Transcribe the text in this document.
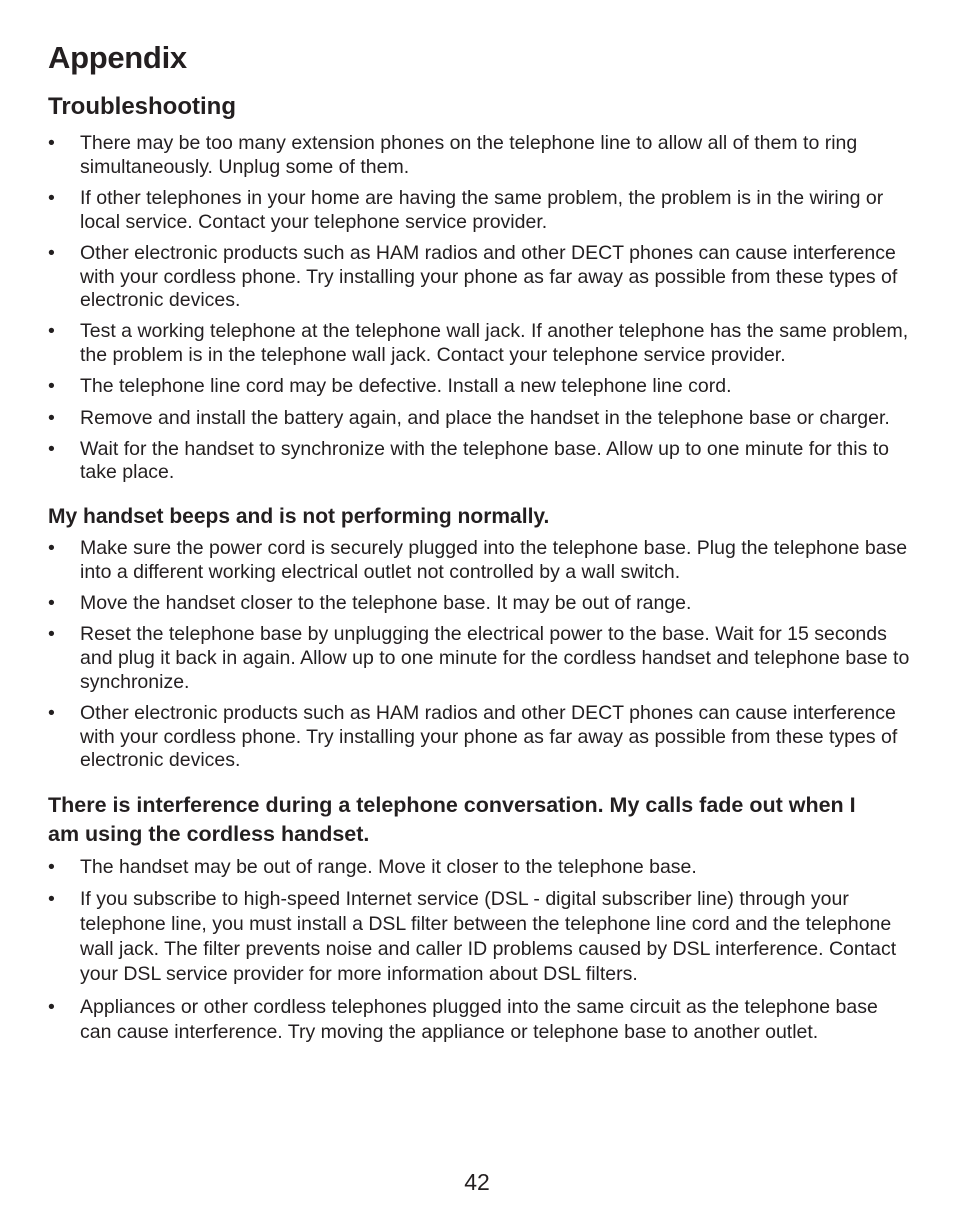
Appendix
Troubleshooting
• There may be too many extension phones on the telephone line to allow all of them to ring simultaneously. Unplug some of them.
• If other telephones in your home are having the same problem, the problem is in the wiring or local service. Contact your telephone service provider.
• Other electronic products such as HAM radios and other DECT phones can cause interference with your cordless phone. Try installing your phone as far away as possible from these types of electronic devices.
• Test a working telephone at the telephone wall jack. If another telephone has the same problem, the problem is in the telephone wall jack. Contact your telephone service provider.
• The telephone line cord may be defective. Install a new telephone line cord.
• Remove and install the battery again, and place the handset in the telephone base or charger.
• Wait for the handset to synchronize with the telephone base. Allow up to one minute for this to take place.
My handset beeps and is not performing normally.
• Make sure the power cord is securely plugged into the telephone base. Plug the telephone base into a different working electrical outlet not controlled by a wall switch.
• Move the handset closer to the telephone base. It may be out of range.
• Reset the telephone base by unplugging the electrical power to the base. Wait for 15 seconds and plug it back in again. Allow up to one minute for the cordless handset and telephone base to synchronize.
• Other electronic products such as HAM radios and other DECT phones can cause interference with your cordless phone. Try installing your phone as far away as possible from these types of electronic devices.
There is interference during a telephone conversation. My calls fade out when I am using the cordless handset.
• The handset may be out of range. Move it closer to the telephone base.
• If you subscribe to high-speed Internet service (DSL - digital subscriber line) through your telephone line, you must install a DSL filter between the telephone line cord and the telephone wall jack. The filter prevents noise and caller ID problems caused by DSL interference. Contact your DSL service provider for more information about DSL filters.
• Appliances or other cordless telephones plugged into the same circuit as the telephone base can cause interference. Try moving the appliance or telephone base to another outlet.
42
